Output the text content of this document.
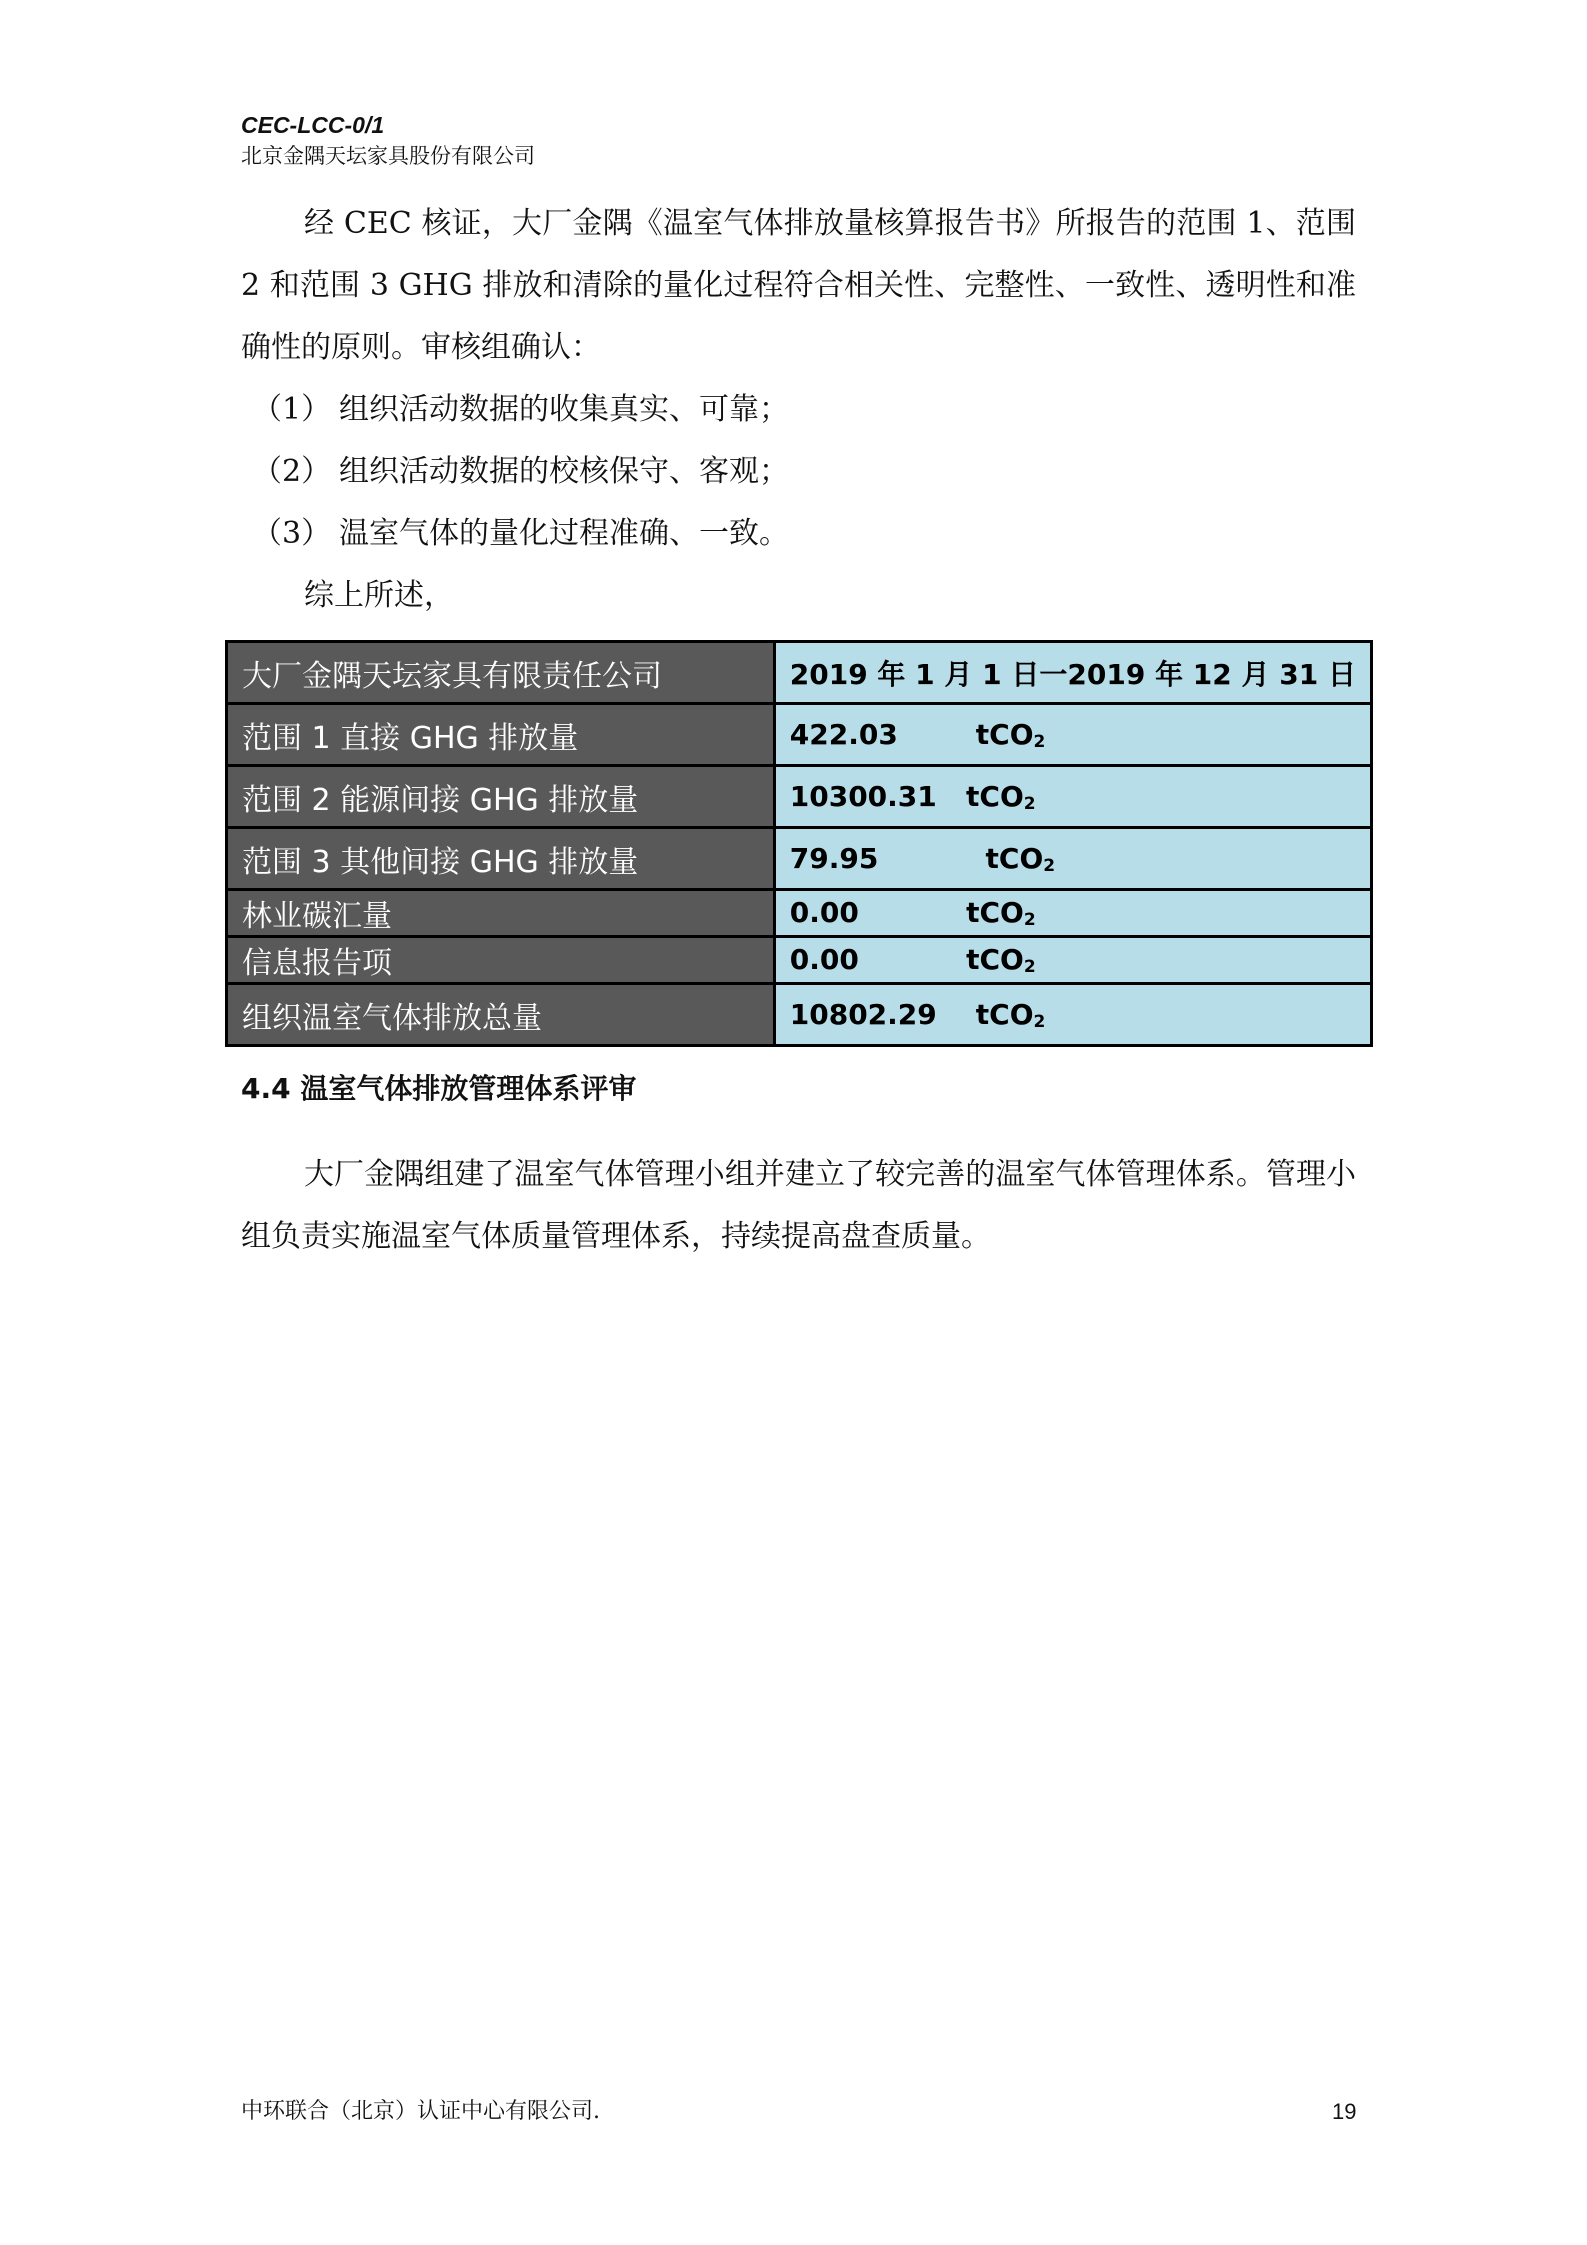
CEC-LCC-0/1
北京金隅天坛家具股份有限公司

经 CEC 核证，大厂金隅《温室气体排放量核算报告书》所报告的范围 1、范围 2 和范围 3 GHG 排放和清除的量化过程符合相关性、完整性、一致性、透明性和准确性的原则。审核组确认：

（1） 组织活动数据的收集真实、可靠；
（2） 组织活动数据的校核保守、客观；
（3） 温室气体的量化过程准确、一致。
综上所述，
大厂金隅天坛家具有限责任公司	2019 年 1 月 1 日一2019 年 12 月 31 日
范围 1 直接 GHG 排放量	422.03        tCO$_2$
范围 2 能源间接 GHG 排放量	10300.31   tCO$_2$
范围 3 其他间接 GHG 排放量	79.95           tCO$_2$
林业碳汇量	0.00           tCO$_2$
信息报告项	0.00           tCO$_2$
组织温室气体排放总量	10802.29    tCO$_2$
4.4 温室气体排放管理体系评审

大厂金隅组建了温室气体管理小组并建立了较完善的温室气体管理体系。管理小组负责实施温室气体质量管理体系，持续提高盘查质量。

中环联合（北京）认证中心有限公司.	19
